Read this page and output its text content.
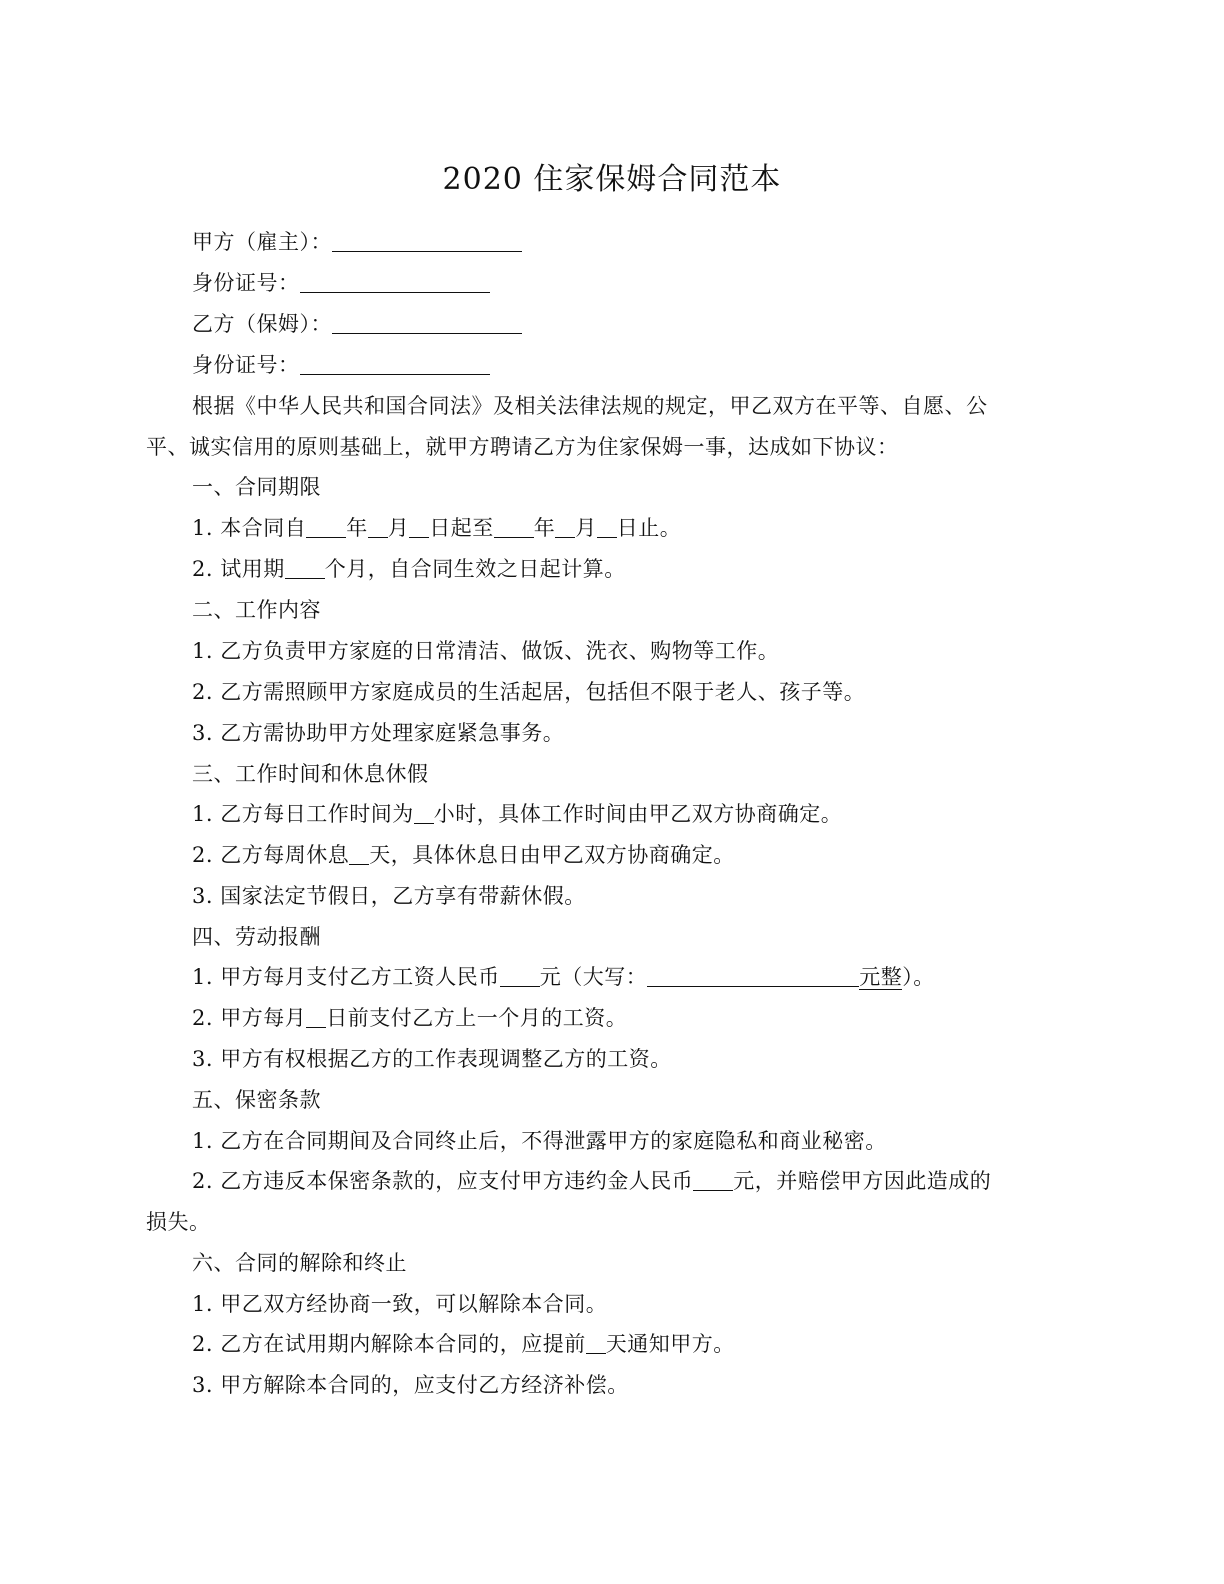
2020 住家保姆合同范本
甲方（雇主）：
身份证号：
乙方（保姆）：
身份证号：
根据《中华人民共和国合同法》及相关法律法规的规定，甲乙双方在平等、自愿、公
平、诚实信用的原则基础上，就甲方聘请乙方为住家保姆一事，达成如下协议：
一、合同期限
1. 本合同自 年 月 日起至 年 月 日止。
2. 试用期 个月，自合同生效之日起计算。
二、工作内容
1. 乙方负责甲方家庭的日常清洁、做饭、洗衣、购物等工作。
2. 乙方需照顾甲方家庭成员的生活起居，包括但不限于老人、孩子等。
3. 乙方需协助甲方处理家庭紧急事务。
三、工作时间和休息休假
1. 乙方每日工作时间为 小时，具体工作时间由甲乙双方协商确定。
2. 乙方每周休息 天，具体休息日由甲乙双方协商确定。
3. 国家法定节假日，乙方享有带薪休假。
四、劳动报酬
1. 甲方每月支付乙方工资人民币 元（大写：	元整）。
2. 甲方每月 日前支付乙方上一个月的工资。
3. 甲方有权根据乙方的工作表现调整乙方的工资。
五、保密条款
1. 乙方在合同期间及合同终止后，不得泄露甲方的家庭隐私和商业秘密。
2. 乙方违反本保密条款的，应支付甲方违约金人民币 元，并赔偿甲方因此造成的
损失。
六、合同的解除和终止
1. 甲乙双方经协商一致，可以解除本合同。
2. 乙方在试用期内解除本合同的，应提前 天通知甲方。
3. 甲方解除本合同的，应支付乙方经济补偿。
